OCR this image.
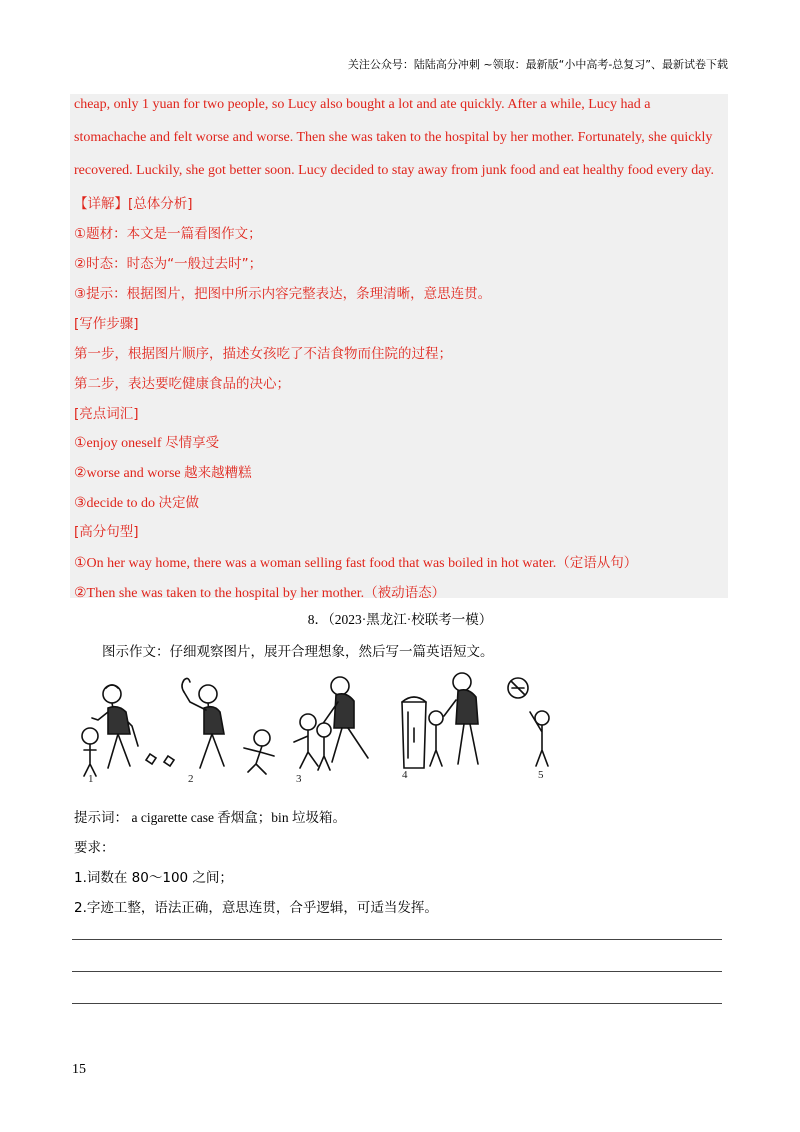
关注公众号：陆陆高分冲刺 ~领取：最新版“小中高考-总复习”、最新试卷下载
cheap, only 1 yuan for two people, so Lucy also bought a lot and ate quickly. After a while, Lucy had a
stomachache and felt worse and worse. Then she was taken to the hospital by her mother. Fortunately, she quickly
recovered. Luckily, she got better soon. Lucy decided to stay away from junk food and eat healthy food every day.
【详解】[总体分析]
①题材：本文是一篇看图作文；
②时态：时态为“一般过去时”；
③提示：根据图片，把图中所示内容完整表达，条理清晰，意思连贯。
[写作步骤]
第一步，根据图片顺序，描述女孩吃了不洁食物而住院的过程；
第二步，表达要吃健康食品的决心；
[亮点词汇]
①enjoy oneself 尽情享受
②worse and worse 越来越糟糕
③decide to do 决定做
[高分句型]
①On her way home, there was a woman selling fast food that was boiled in hot water.（定语从句）
②Then she was taken to the hospital by her mother.（被动语态）
8．（2023·黑龙江·校联考一模）
图示作文：仔细观察图片，展开合理想象，然后写一篇英语短文。
1	2	3	4	5
提示词： a cigarette case 香烟盒；bin 垃圾箱。
要求：
1.词数在 80～100 之间；
2.字迹工整，语法正确，意思连贯，合乎逻辑，可适当发挥。
15
